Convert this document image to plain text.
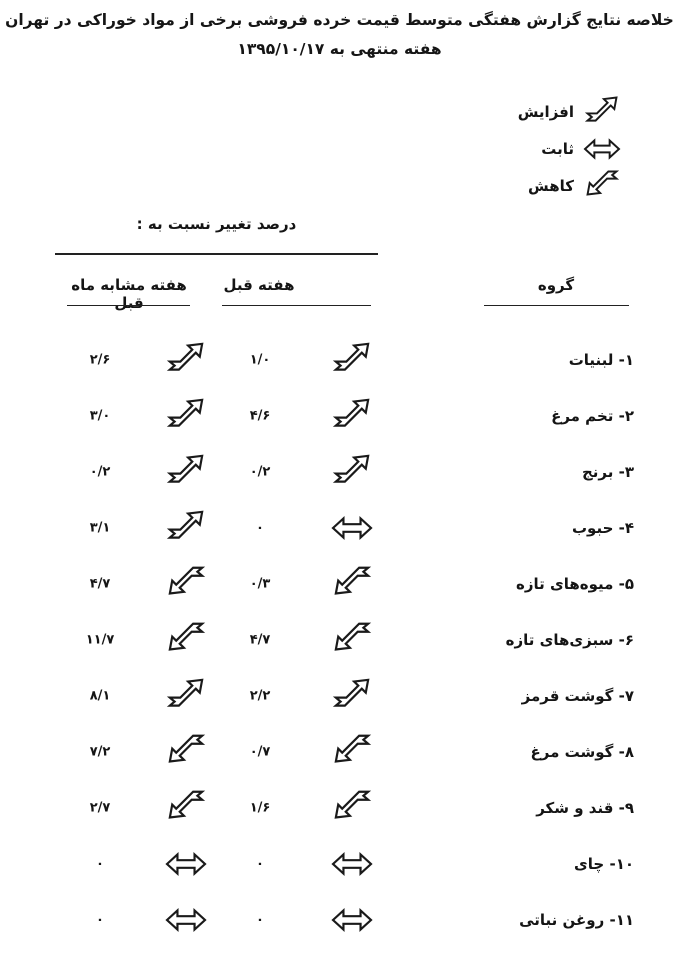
خلاصه نتایج گزارش هفتگی متوسط قیمت خرده فروشی برخی از مواد خوراکی در تهران
هفته منتهی به ۱۳۹۵/۱۰/۱۷
افزایش
ثابت
کاهش
درصد تغییر نسبت به :
هفته مشابه ماه قبل
هفته قبل	گروه
۱- لبنیات
۱/۰
۲/۶
۲- تخم مرغ
۴/۶
۳/۰
۳- برنج
۰/۲
۰/۲
۴- حبوب
۰
۳/۱
۵- میوه‌های تازه
۰/۳
۴/۷
۶- سبزی‌های تازه
۴/۷
۱۱/۷
۷- گوشت قرمز
۲/۲
۸/۱
۸- گوشت مرغ
۰/۷
۷/۲
۹- قند و شکر
۱/۶
۲/۷
۱۰- چای
۰
۰
۱۱- روغن نباتی
۰
۰
